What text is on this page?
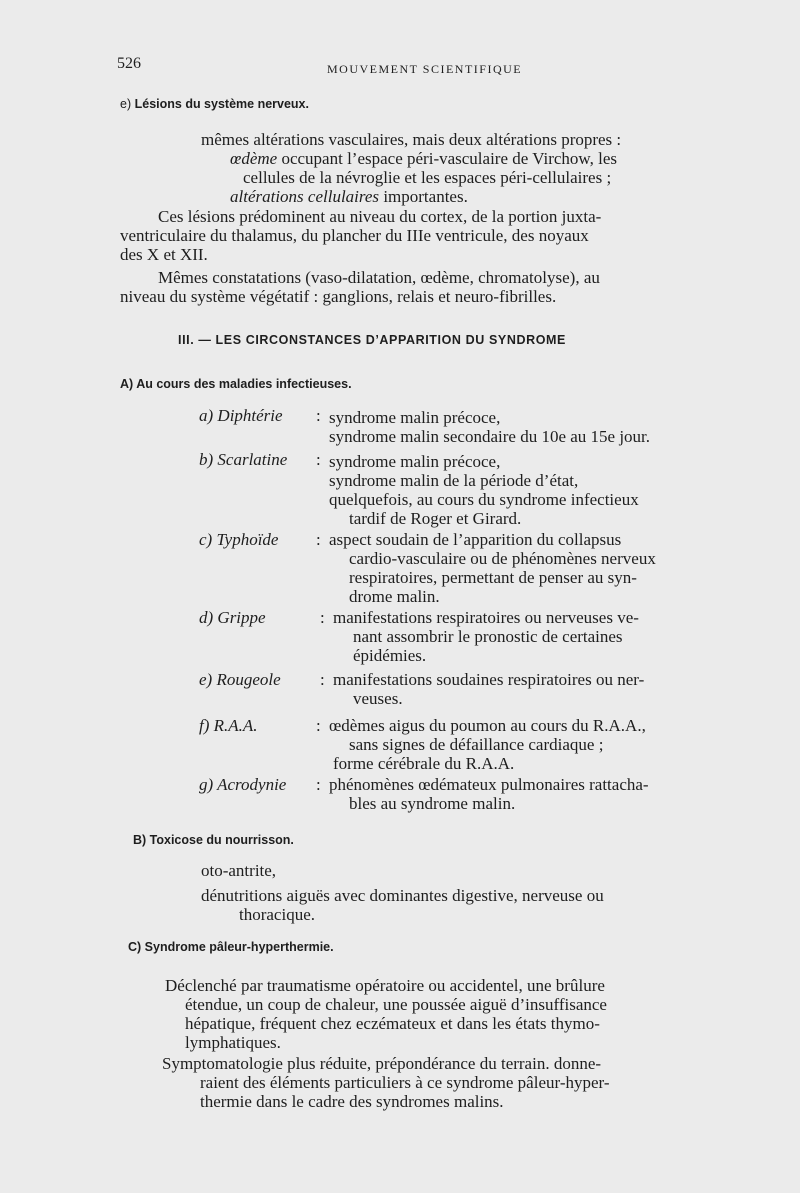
526	MOUVEMENT SCIENTIFIQUE
e) Lésions du système nerveux.
mêmes altérations vasculaires, mais deux altérations propres :
œdème occupant l’espace péri-vasculaire de Virchow, les
cellules de la névroglie et les espaces péri-cellulaires ;
altérations cellulaires importantes.
Ces lésions prédominent au niveau du cortex, de la portion juxta-
ventriculaire du thalamus, du plancher du IIIe ventricule, des noyaux
des X et XII.
Mêmes constatations (vaso-dilatation, œdème, chromatolyse), au
niveau du système végétatif : ganglions, relais et neuro-fibrilles.
III. — LES CIRCONSTANCES D’APPARITION DU SYNDROME
A) Au cours des maladies infectieuses.
a) Diphtérie : syndrome malin précoce,
syndrome malin secondaire du 10e au 15e jour.
b) Scarlatine : syndrome malin précoce,
syndrome malin de la période d’état,
quelquefois, au cours du syndrome infectieux
tardif de Roger et Girard.
c) Typhoïde : aspect soudain de l’apparition du collapsus
cardio-vasculaire ou de phénomènes nerveux
respiratoires, permettant de penser au syn-
drome malin.
d) Grippe	: manifestations respiratoires ou nerveuses ve-
nant assombrir le pronostic de certaines
épidémies.
e) Rougeole : manifestations soudaines respiratoires ou ner-
veuses.
f) R.A.A.	: œdèmes aigus du poumon au cours du R.A.A.,
sans signes de défaillance cardiaque ;
forme cérébrale du R.A.A.
g) Acrodynie : phénomènes œdémateux pulmonaires rattacha-
bles au syndrome malin.
B) Toxicose du nourrisson.
oto-antrite,
dénutritions aiguës avec dominantes digestive, nerveuse ou
thoracique.
C) Syndrome pâleur-hyperthermie.
Déclenché par traumatisme opératoire ou accidentel, une brûlure
étendue, un coup de chaleur, une poussée aiguë d’insuffisance
hépatique, fréquent chez eczémateux et dans les états thymo-
lymphatiques.
Symptomatologie plus réduite, prépondérance du terrain. donne-
raient des éléments particuliers à ce syndrome pâleur-hyper-
thermie dans le cadre des syndromes malins.
